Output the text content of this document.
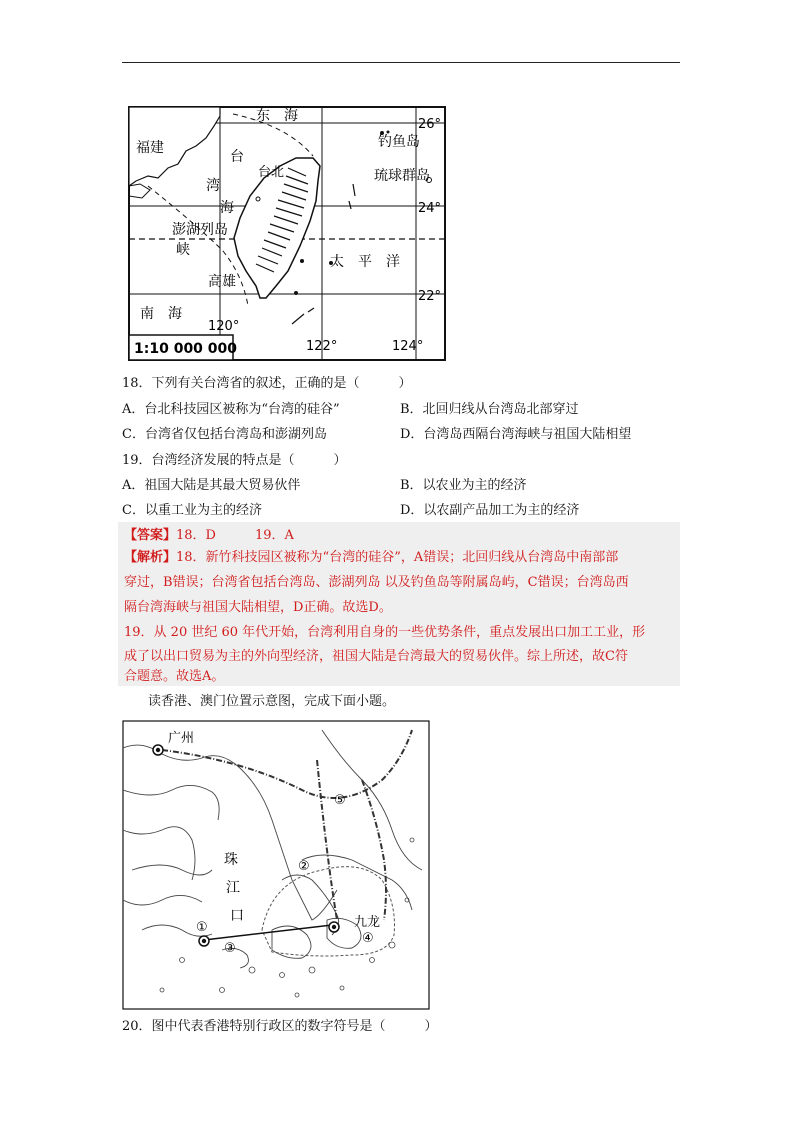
东　海
福建	钓鱼岛
台
台北
湾
琉球群岛
海
澎湖列岛
峡
太　平　洋
高雄
南　海
26°
24°
22°
120°
122°	124°
1:10 000 000
18．下列有关台湾省的叙述，正确的是（　　　）
A．台北科技园区被称为“台湾的硅谷”	B．北回归线从台湾岛北部穿过
C．台湾省仅包括台湾岛和澎湖列岛	D．台湾岛西隔台湾海峡与祖国大陆相望
19．台湾经济发展的特点是（　　　）
A．祖国大陆是其最大贸易伙伴	B．以农业为主的经济
C．以重工业为主的经济	D．以农副产品加工为主的经济
【答案】18．D　　　19．A
【解析】18．新竹科技园区被称为“台湾的硅谷”，A错误；北回归线从台湾岛中南部部
穿过，B错误；台湾省包括台湾岛、澎湖列岛 以及钓鱼岛等附属岛屿，C错误；台湾岛西
隔台湾海峡与祖国大陆相望，D正确。故选D。
19．从 20 世纪 60 年代开始，台湾利用自身的一些优势条件，重点发展出口加工工业，形
成了以出口贸易为主的外向型经济，祖国大陆是台湾最大的贸易伙伴。综上所述，故C符
合题意。故选A。
读香港、澳门位置示意图，完成下面小题。
广州
珠
江
口	九龙
①
②
③
④
⑤
20．图中代表香港特别行政区的数字符号是（　　　）
